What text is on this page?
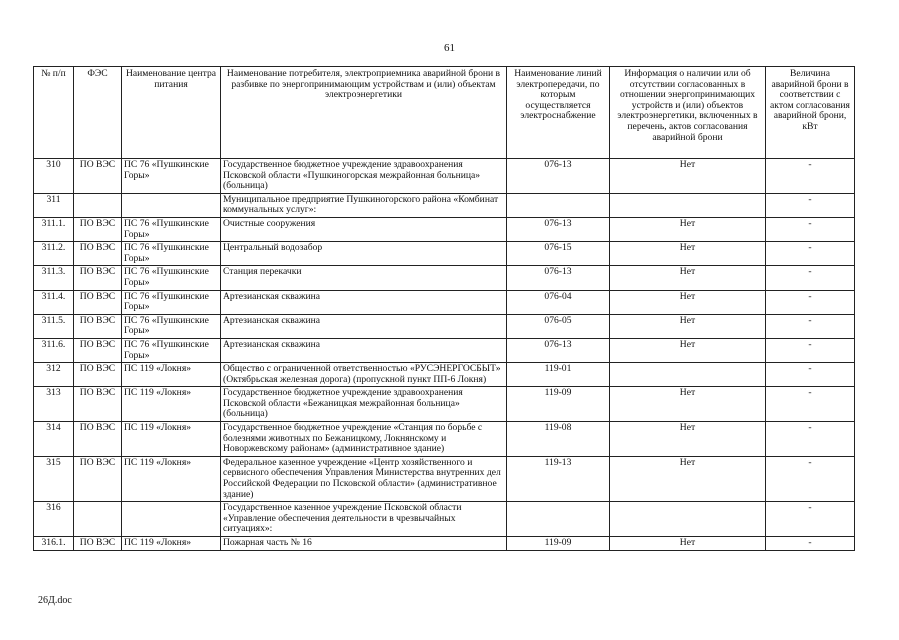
61
№ п/п	ФЭС	Наименование центра питания	Наименование потребителя, электроприемника аварийной брони в разбивке по энергопринимающим устройствам и (или) объектам электроэнергетики	Наименование линий электропередачи, по которым осуществляется электроснабжение	Информация о наличии или об отсутствии согласованных в отношении энергопринимающих устройств и (или) объектов электроэнергетики, включенных в перечень, актов согласования аварийной брони	Величина аварийной брони в соответствии с актом согласования аварийной брони, кВт
310	ПО ВЭС	ПС 76 «Пушкинские Горы»	Государственное бюджетное учреждение здравоохранения Псковской области «Пушкиногорская межрайонная больница» (больница)	076-13	Нет	-
311			Муниципальное предприятие Пушкиногорского района «Комбинат коммунальных услуг»:			-
311.1.	ПО ВЭС	ПС 76 «Пушкинские Горы»	Очистные сооружения	076-13	Нет	-
311.2.	ПО ВЭС	ПС 76 «Пушкинские Горы»	Центральный водозабор	076-15	Нет	-
311.3.	ПО ВЭС	ПС 76 «Пушкинские Горы»	Станция перекачки	076-13	Нет	-
311.4.	ПО ВЭС	ПС 76 «Пушкинские Горы»	Артезианская скважина	076-04	Нет	-
311.5.	ПО ВЭС	ПС 76 «Пушкинские Горы»	Артезианская скважина	076-05	Нет	-
311.6.	ПО ВЭС	ПС 76 «Пушкинские Горы»	Артезианская скважина	076-13	Нет	-
312	ПО ВЭС	ПС 119 «Локня»	Общество с ограниченной ответственностью «РУСЭНЕРГОСБЫТ» (Октябрьская железная дорога) (пропускной пункт ПП-6 Локня)	119-01		-
313	ПО ВЭС	ПС 119 «Локня»	Государственное бюджетное учреждение здравоохранения Псковской области «Бежаницкая межрайонная больница» (больница)	119-09	Нет	-
314	ПО ВЭС	ПС 119 «Локня»	Государственное бюджетное учреждение «Станция по борьбе с болезнями животных по Бежаницкому, Локнянскому и Новоржевскому районам» (административное здание)	119-08	Нет	-
315	ПО ВЭС	ПС 119 «Локня»	Федеральное казенное учреждение «Центр хозяйственного и сервисного обеспечения Управления Министерства внутренних дел Российской Федерации по Псковской области» (административное здание)	119-13	Нет	-
316			Государственное казенное учреждение Псковской области «Управление обеспечения деятельности в чрезвычайных ситуациях»:			-
316.1.	ПО ВЭС	ПС 119 «Локня»	Пожарная часть № 16	119-09	Нет	-
26Д.doc
